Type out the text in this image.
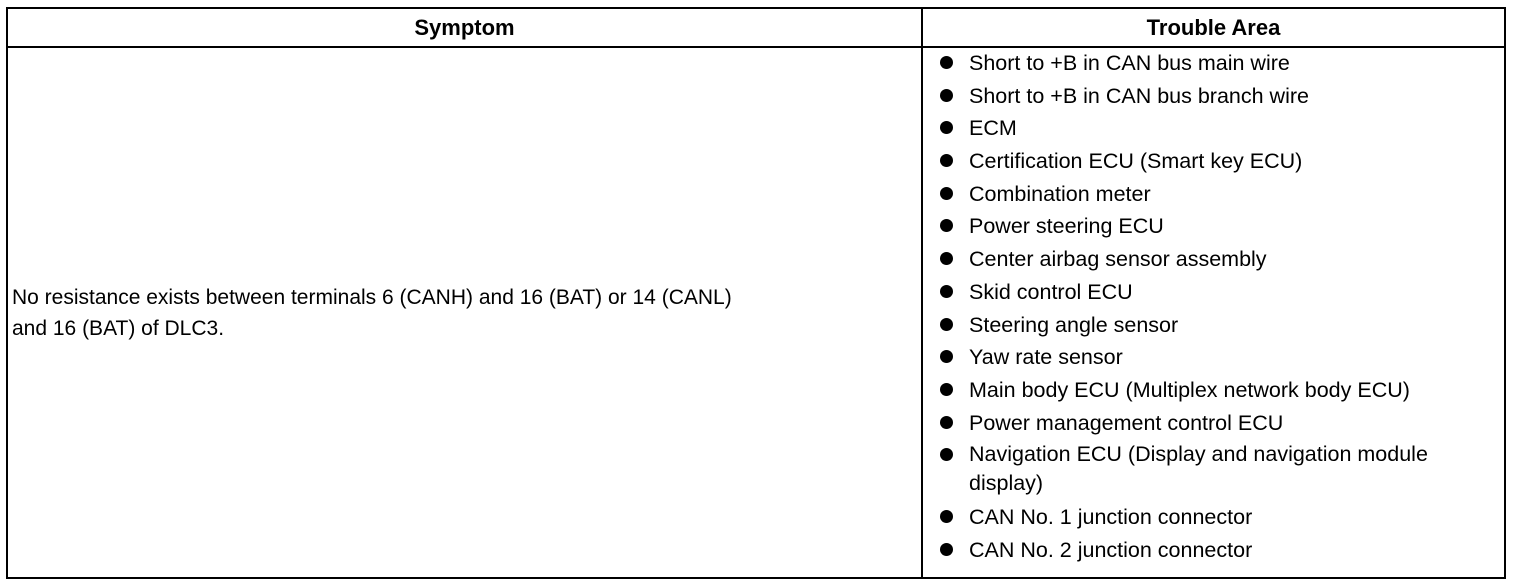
Symptom	Trouble Area
No resistance exists between terminals 6 (CANH) and 16 (BAT) or 14 (CANL)
and 16 (BAT) of DLC3.
Short to +B in CAN bus main wire
Short to +B in CAN bus branch wire
ECM
Certification ECU (Smart key ECU)
Combination meter
Power steering ECU
Center airbag sensor assembly
Skid control ECU
Steering angle sensor
Yaw rate sensor
Main body ECU (Multiplex network body ECU)
Power management control ECU
Navigation ECU (Display and navigation module display)
CAN No. 1 junction connector
CAN No. 2 junction connector
